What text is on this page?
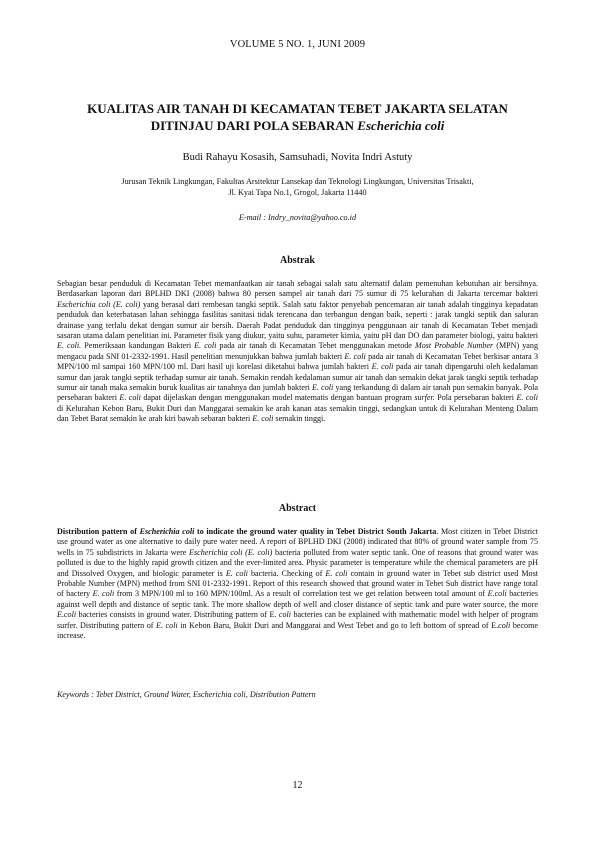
VOLUME 5 NO. 1, JUNI 2009
KUALITAS AIR TANAH DI KECAMATAN TEBET JAKARTA SELATAN
DITINJAU DARI POLA SEBARAN Escherichia coli
Budi Rahayu Kosasih, Samsuhadi, Novita Indri Astuty
Jurusan Teknik Lingkungan, Fakultas Arsitektur Lansekap dan Teknologi Lingkungan, Universitas Trisakti,
Jl. Kyai Tapa No.1, Grogol, Jakarta 11440
E-mail : Indry_novita@yahoo.co.id
Abstrak
Sebagian besar penduduk di Kecamatan Tebet memanfaatkan air tanah sebagai salah satu alternatif dalam pemenuhan kebutuhan air bersihnya. Berdasarkan laporan dari BPLHD DKI (2008) bahwa 80 persen sampel air tanah dari 75 sumur di 75 kelurahan di Jakarta tercemar bakteri Escherichia coli (E. coli) yang berasal dari rembesan tangki septik. Salah satu faktor penyebab pencemaran air tanah adalah tingginya kepadatan penduduk dan keterbatasan lahan sehingga fasilitas sanitasi tidak terencana dan terbangun dengan baik, seperti : jarak tangki septik dan saluran drainase yang terlalu dekat dengan sumur air bersih. Daerah Padat penduduk dan tingginya penggunaan air tanah di Kecamatan Tebet menjadi sasaran utama dalam penelitian ini. Parameter fisik yang diukur, yaitu suhu, parameter kimia, yaitu pH dan DO dan parameter biologi, yaitu bakteri E. coli. Pemeriksaan kandungan Bakteri E. coli pada air tanah di Kecamatan Tebet menggunakan metode Most Probable Number (MPN) yang mengacu pada SNI 01-2332-1991. Hasil penelitian menunjukkan bahwa jumlah bakteri E. coli pada air tanah di Kecamatan Tebet berkisar antara 3 MPN/100 ml sampai 160 MPN/100 ml. Dari hasil uji korelasi diketahui bahwa jumlah bakteri E. coli pada air tanah dipengaruhi oleh kedalaman sumur dan jarak tangki septik terhadap sumur air tanah. Semakin rendah kedalaman sumur air tanah dan semakin dekat jarak tangki septik terhadap sumur air tanah maka semakin buruk kualitas air tanahnya dan jumlah bakteri E. coli yang terkandung di dalam air tanah pun semakin banyak. Pola persebaran bakteri E. coli dapat dijelaskan dengan menggunakan model matematis dengan bantuan program surfer. Pola persebaran bakteri E. coli di Kelurahan Kebon Baru, Bukit Duri dan Manggarai semakin ke arah kanan atas semakin tinggi, sedangkan untuk di Kelurahan Menteng Dalam dan Tebet Barat semakin ke arah kiri bawah sebaran bakteri E. coli semakin tinggi.
Abstract
Distribution pattern of Escherichia coli to indicate the ground water quality in Tebet District South Jakarta. Most citizen in Tebet District use ground water as one alternative to daily pure water need. A report of BPLHD DKI (2008) indicated that 80% of ground water sample from 75 wells in 75 subdistricts in Jakarta were Escherichia coli (E. coli) bacteria polluted from water septic tank. One of reasons that ground water was polluted is due to the highly rapid growth citizen and the ever-limited area. Physic parameter is temperature while the chemical parameters are pH and Dissolved Oxygen, and biologic parameter is E. coli bacteria. Checking of E. coli contain in ground water in Tebet sub district used Most Probable Number (MPN) method from SNI 01-2332-1991. Report of this research showed that ground water in Tebet Sub district have range total of bactery E. coli from 3 MPN/100 ml to 160 MPN/100ml. As a result of correlation test we get relation between total amount of E.coli bacteries against well depth and distance of septic tank. The more shallow depth of well and closer distance of septic tank and pure water source, the more E.coli bacteries consists in ground water. Distributing pattern of E. coli bacteries can be explained with mathematic model with helper of program surfer. Distributing pattern of E. coli in Kebon Baru, Bukit Duri and Manggarai and West Tebet and go to left bottom of spread of E.coli become increase.
Keywords : Tebet District, Ground Water, Escherichia coli, Distribution Pattern
12
